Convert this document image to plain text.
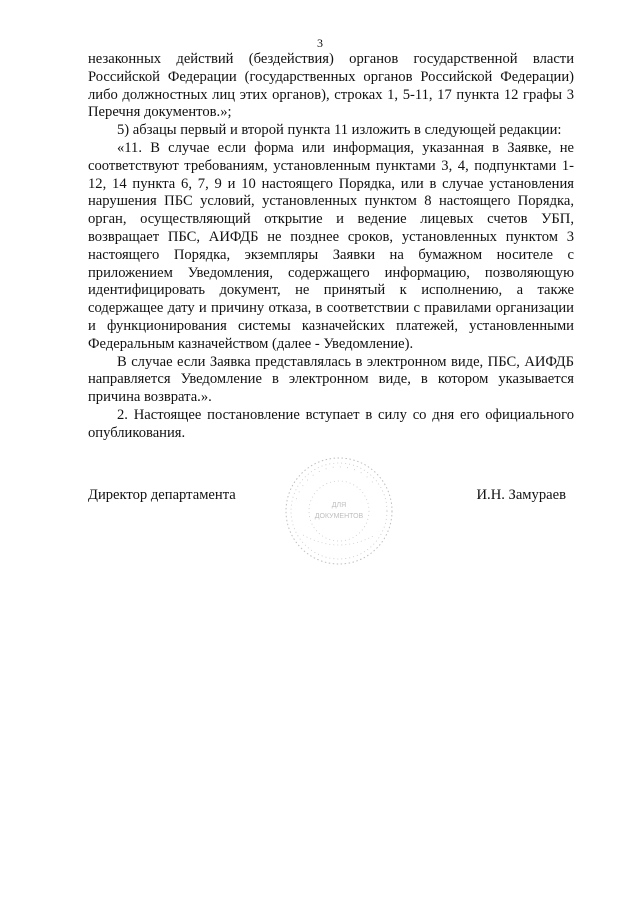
3

незаконных действий (бездействия) органов государственной власти Российской Федерации (государственных органов Российской Федерации) либо должностных лиц этих органов), строках 1, 5-11, 17 пункта 12 графы 3 Перечня документов.»;

5) абзацы первый и второй пункта 11 изложить в следующей редакции:

«11. В случае если форма или информация, указанная в Заявке, не соответствуют требованиям, установленным пунктами 3, 4, подпунктами 1-12, 14 пункта 6, 7, 9 и 10 настоящего Порядка, или в случае установления нарушения ПБС условий, установленных пунктом 8 настоящего Порядка, орган, осуществляющий открытие и ведение лицевых счетов УБП, возвращает ПБС, АИФДБ не позднее сроков, установленных пунктом 3 настоящего Порядка, экземпляры Заявки на бумажном носителе с приложением Уведомления, содержащего информацию, позволяющую идентифицировать документ, не принятый к исполнению, а также содержащее дату и причину отказа, в соответствии с правилами организации и функционирования системы казначейских платежей, установленными Федеральным казначейством (далее - Уведомление).

В случае если Заявка представлялась в электронном виде, ПБС, АИФДБ направляется Уведомление в электронном виде, в котором указывается причина возврата.».

2. Настоящее постановление вступает в силу со дня его официального опубликования.

Директор департамента	И.Н. Замураев
· · · · · · · · · · · · · ·
ДЛЯ
ДОКУМЕНТОВ
